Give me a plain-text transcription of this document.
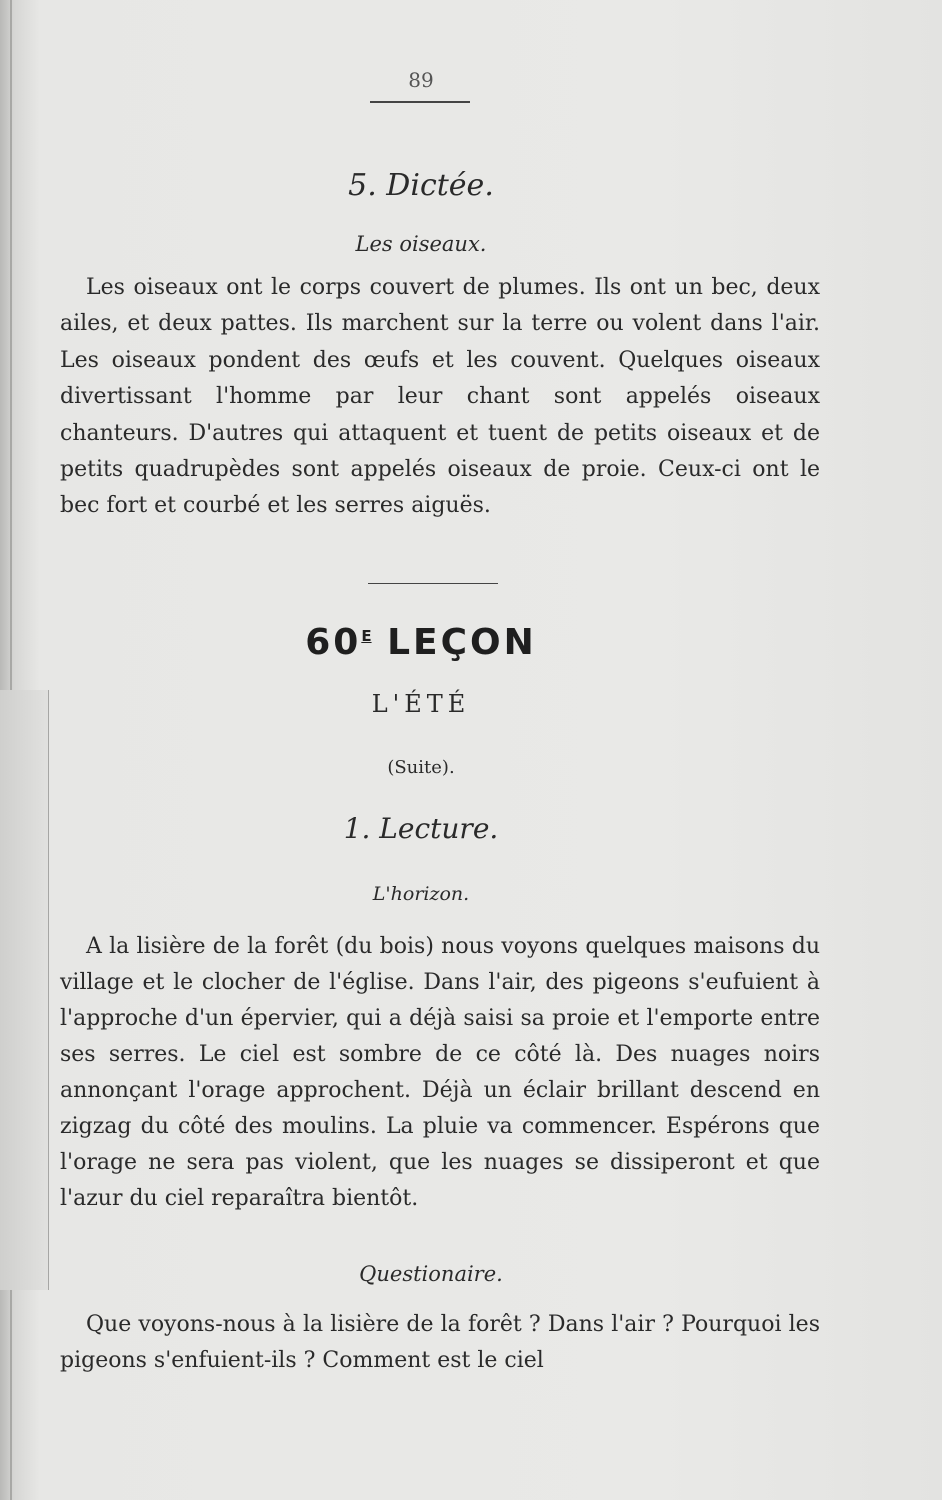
89
5. Dictée.
Les oiseaux.

Les oiseaux ont le corps couvert de plumes. Ils ont un bec, deux ailes, et deux pattes. Ils marchent sur la terre ou volent dans l'air. Les oiseaux pondent des œufs et les couvent. Quelques oiseaux divertissant l'homme par leur chant sont appelés oiseaux chanteurs. D'autres qui attaquent et tuent de petits oiseaux et de petits quadrupèdes sont appelés oiseaux de proie. Ceux-ci ont le bec fort et courbé et les serres aiguës.

$60^E$ LEÇON
L'ÉTÉ
(Suite).
1. Lecture.
L'horizon.

A la lisière de la forêt (du bois) nous voyons quelques maisons du village et le clocher de l'église. Dans l'air, des pigeons s'eufuient à l'approche d'un épervier, qui a déjà saisi sa proie et l'emporte entre ses serres. Le ciel est sombre de ce côté là. Des nuages noirs annonçant l'orage approchent. Déjà un éclair brillant descend en zigzag du côté des moulins. La pluie va commencer. Espérons que l'orage ne sera pas violent, que les nuages se dissiperont et que l'azur du ciel reparaîtra bientôt.

Questionaire.

Que voyons-nous à la lisière de la forêt ? Dans l'air ? Pourquoi les pigeons s'enfuient-ils ? Comment est le ciel
